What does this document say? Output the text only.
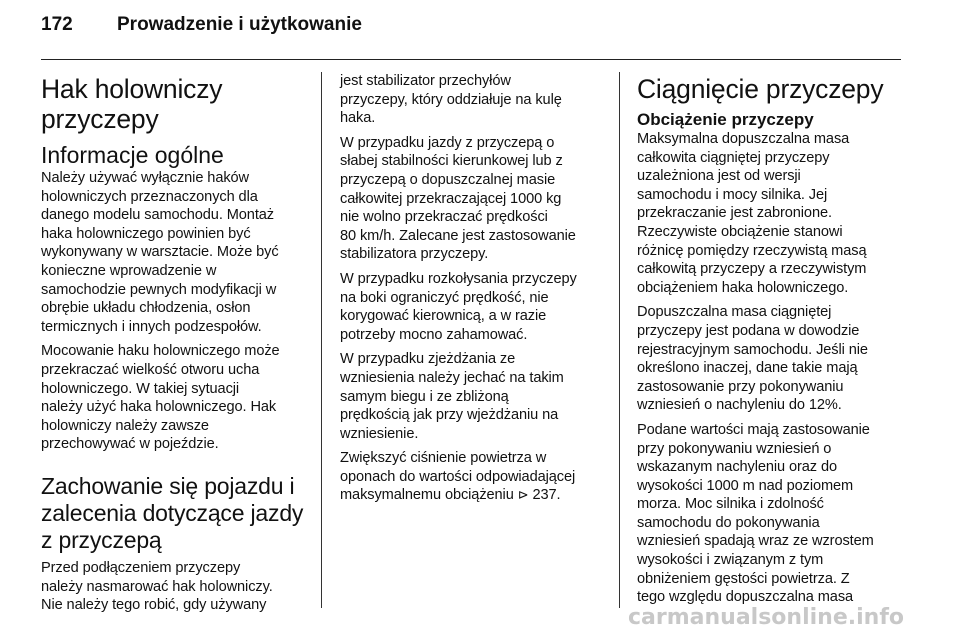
172 Prowadzenie i użytkowanie
Hak holowniczy
przyczepy
Informacje ogólne

Należy używać wyłącznie haków
holowniczych przeznaczonych dla
danego modelu samochodu. Montaż
haka holowniczego powinien być
wykonywany w warsztacie. Może być
konieczne wprowadzenie w
samochodzie pewnych modyfikacji w
obrębie układu chłodzenia, osłon
termicznych i innych podzespołów.

Mocowanie haku holowniczego może
przekraczać wielkość otworu ucha
holowniczego. W takiej sytuacji
należy użyć haka holowniczego. Hak
holowniczy należy zawsze
przechowywać w pojeździe.

Zachowanie się pojazdu i
zalecenia dotyczące jazdy
z przyczepą

Przed podłączeniem przyczepy
należy nasmarować hak holowniczy.
Nie należy tego robić, gdy używany

jest stabilizator przechyłów
przyczepy, który oddziałuje na kulę
haka.

W przypadku jazdy z przyczepą o
słabej stabilności kierunkowej lub z
przyczepą o dopuszczalnej masie
całkowitej przekraczającej 1000 kg
nie wolno przekraczać prędkości
80 km/h. Zalecane jest zastosowanie
stabilizatora przyczepy.

W przypadku rozkołysania przyczepy
na boki ograniczyć prędkość, nie
korygować kierownicą, a w razie
potrzeby mocno zahamować.

W przypadku zjeżdżania ze
wzniesienia należy jechać na takim
samym biegu i ze zbliżoną
prędkością jak przy wjeżdżaniu na
wzniesienie.

Zwiększyć ciśnienie powietrza w
oponach do wartości odpowiadającej
maksymalnemu obciążeniu ⊳ 237.

Ciągnięcie przyczepy
Obciążenie przyczepy

Maksymalna dopuszczalna masa
całkowita ciągniętej przyczepy
uzależniona jest od wersji
samochodu i mocy silnika. Jej
przekraczanie jest zabronione.
Rzeczywiste obciążenie stanowi
różnicę pomiędzy rzeczywistą masą
całkowitą przyczepy a rzeczywistym
obciążeniem haka holowniczego.

Dopuszczalna masa ciągniętej
przyczepy jest podana w dowodzie
rejestracyjnym samochodu. Jeśli nie
określono inaczej, dane takie mają
zastosowanie przy pokonywaniu
wzniesień o nachyleniu do 12%.

Podane wartości mają zastosowanie
przy pokonywaniu wzniesień o
wskazanym nachyleniu oraz do
wysokości 1000 m nad poziomem
morza. Moc silnika i zdolność
samochodu do pokonywania
wzniesień spadają wraz ze wzrostem
wysokości i związanym z tym
obniżeniem gęstości powietrza. Z
tego względu dopuszczalna masa

carmanualsonline.info
